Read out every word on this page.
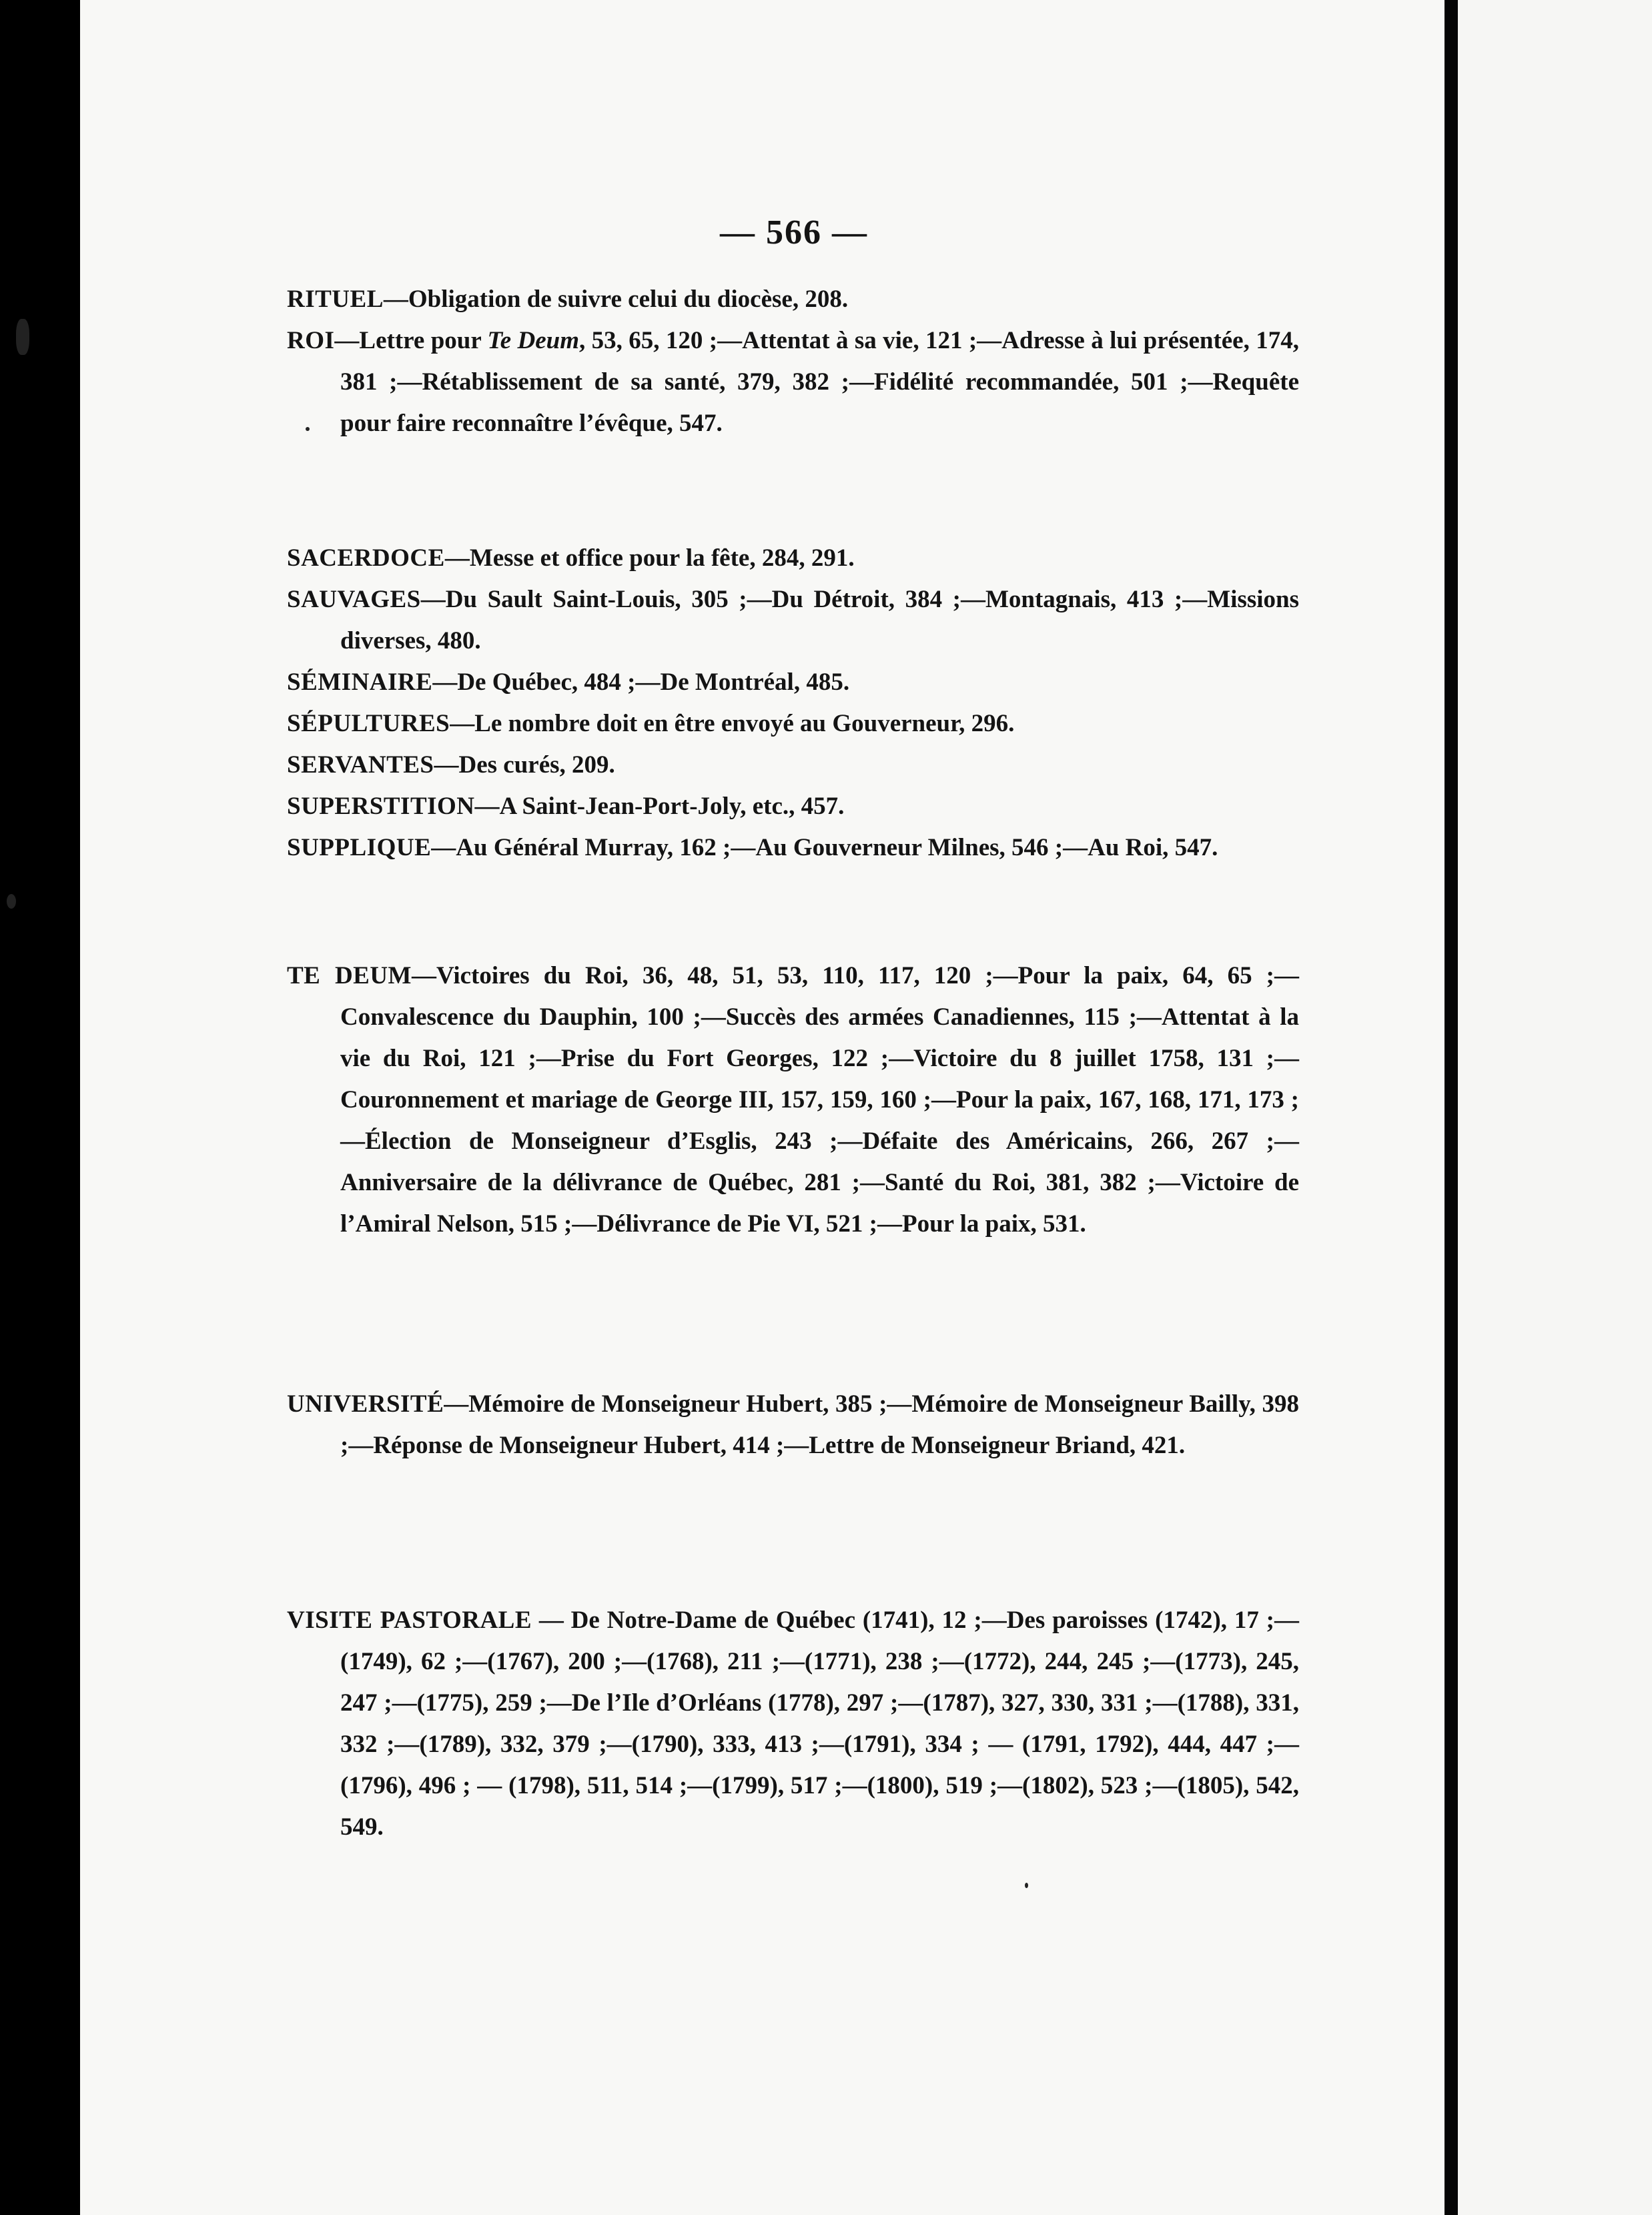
— 566 —

RITUEL—Obligation de suivre celui du diocèse, 208.

ROI—Lettre pour Te Deum, 53, 65, 120 ;—Attentat à sa vie, 121 ;—Adresse à lui présentée, 174, 381 ;—Rétablissement de sa santé, 379, 382 ;—Fidélité recommandée, 501 ;—Requête pour faire reconnaître l’évêque, 547.

SACERDOCE—Messe et office pour la fête, 284, 291.

SAUVAGES—Du Sault Saint-Louis, 305 ;—Du Détroit, 384 ;—Montagnais, 413 ;—Missions diverses, 480.

SÉMINAIRE—De Québec, 484 ;—De Montréal, 485.

SÉPULTURES—Le nombre doit en être envoyé au Gouverneur, 296.

SERVANTES—Des curés, 209.

SUPERSTITION—A Saint-Jean-Port-Joly, etc., 457.

SUPPLIQUE—Au Général Murray, 162 ;—Au Gouverneur Milnes, 546 ;—Au Roi, 547.

TE DEUM—Victoires du Roi, 36, 48, 51, 53, 110, 117, 120 ;—Pour la paix, 64, 65 ;—Convalescence du Dauphin, 100 ;—Succès des armées Canadiennes, 115 ;—Attentat à la vie du Roi, 121 ;—Prise du Fort Georges, 122 ;—Victoire du 8 juillet 1758, 131 ;—Couronnement et mariage de George III, 157, 159, 160 ;—Pour la paix, 167, 168, 171, 173 ;—Élection de Monseigneur d’Esglis, 243 ;—Défaite des Américains, 266, 267 ;—Anniversaire de la délivrance de Québec, 281 ;—Santé du Roi, 381, 382 ;—Victoire de l’Amiral Nelson, 515 ;—Délivrance de Pie VI, 521 ;—Pour la paix, 531.

UNIVERSITÉ—Mémoire de Monseigneur Hubert, 385 ;—Mémoire de Monseigneur Bailly, 398 ;—Réponse de Monseigneur Hubert, 414 ;—Lettre de Monseigneur Briand, 421.

VISITE PASTORALE — De Notre-Dame de Québec (1741), 12 ;—Des paroisses (1742), 17 ;—(1749), 62 ;—(1767), 200 ;—(1768), 211 ;—(1771), 238 ;—(1772), 244, 245 ;—(1773), 245, 247 ;—(1775), 259 ;—De l’Ile d’Orléans (1778), 297 ;—(1787), 327, 330, 331 ;—(1788), 331, 332 ;—(1789), 332, 379 ;—(1790), 333, 413 ;—(1791), 334 ; — (1791, 1792), 444, 447 ;—(1796), 496 ; — (1798), 511, 514 ;—(1799), 517 ;—(1800), 519 ;—(1802), 523 ;—(1805), 542, 549.
